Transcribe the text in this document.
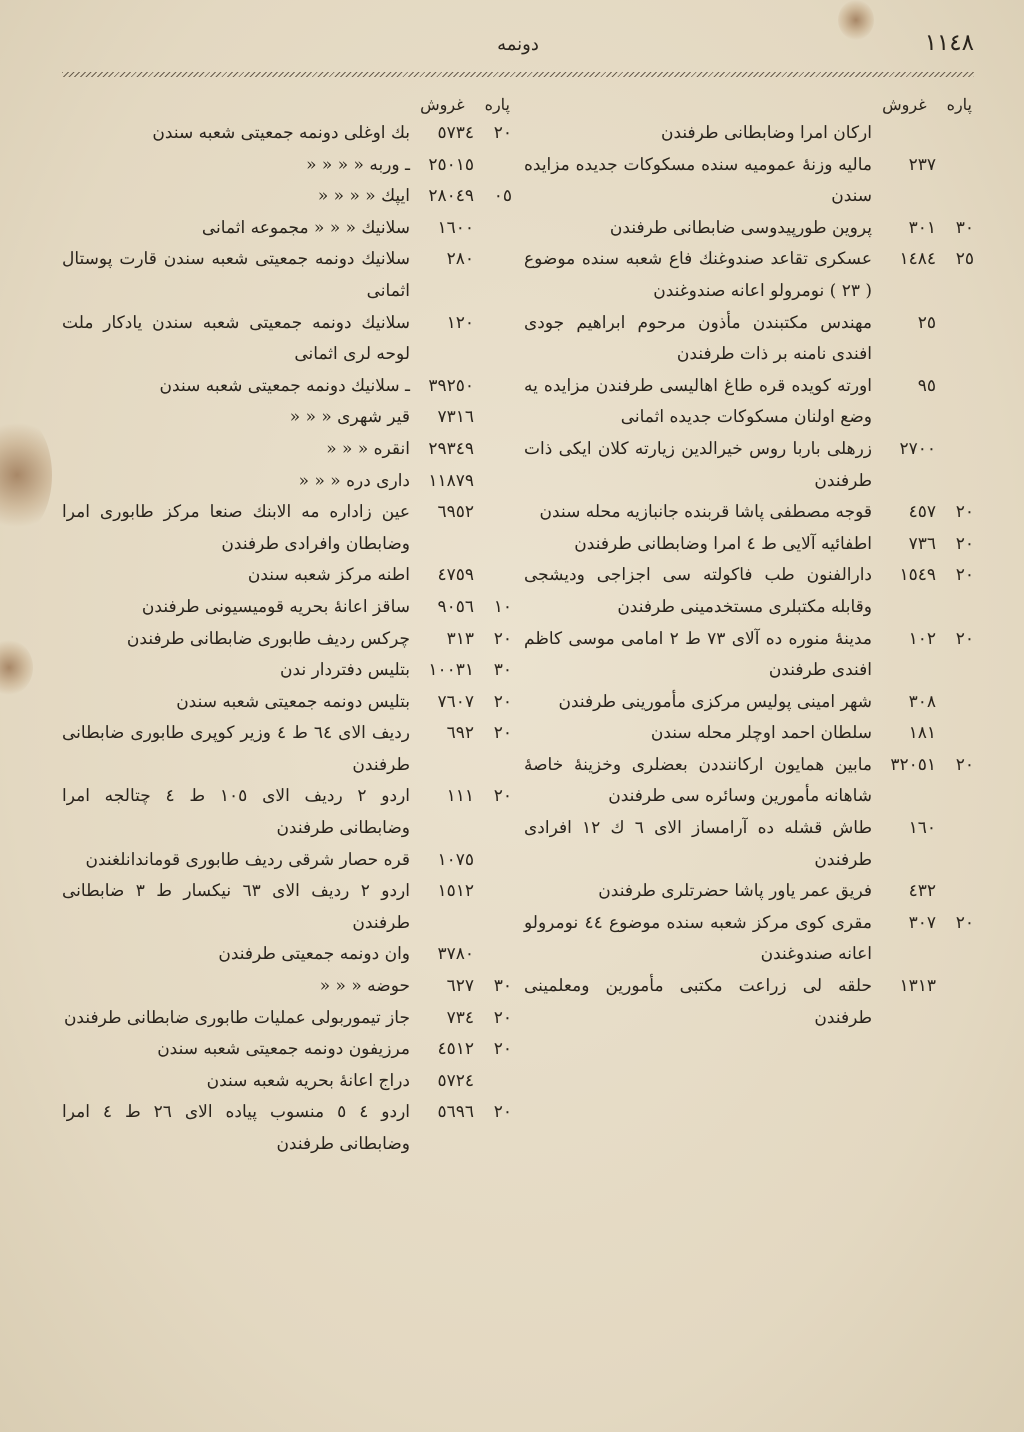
١١٤٨
دونمه
پاره
غروش
اركان امرا وضابطانى طرفندن
٢٣٧
ماليه وزنهٔ عموميه سنده مسكوكات جديده مزايده سندن
٣٠
٣٠١
پروين طورپيدوسى ضابطانى طرفندن
٢٥
١٤٨٤
عسكرى تقاعد صندوغنك فاع شعبه سنده موضوع ( ٢٣ ) نومرولو اعانه صندوغندن
٢٥
مهندس مكتبندن مأذون مرحوم ابراهيم جودى افندى نامنه بر ذات طرفندن
٩٥
اورته كويده قره طاغ اهاليسى طرفندن مزايده يه وضع اولنان مسكوكات جديده اثمانى
٢٧٠٠
زرهلى باربا روس خيرالدين زيارته كلان ايكى ذات طرفندن
٢٠
٤٥٧
قوجه مصطفى پاشا قربنده جانبازيه محله سندن
٢٠
٧٣٦
اطفائيه آلايى ط ٤ امرا وضابطانى طرفندن
٢٠
١٥٤٩
دارالفنون طب فاكولته سى اجزاجى وديشجى وقابله مكتبلرى مستخدمينى طرفندن
٢٠
١٠٢
مدينهٔ منوره ده آلاى ٧٣ ط ٢ امامى موسى كاظم افندى طرفندن
٣٠٨
شهر امينى پوليس مركزى مأمورينى طرفندن
١٨١
سلطان احمد اوچلر محله سندن
٢٠
٣٢٠٥١
مابين همايون اركاننددن بعضلرى وخزينهٔ خاصهٔ شاهانه مأمورين وسائره سى طرفندن
١٦٠
طاش قشله ده آرامساز الاى ٦ ك ١٢ افرادى طرفندن
٤٣٢
فريق عمر ياور پاشا حضرتلرى طرفندن
٢٠
٣٠٧
مقرى كوى مركز شعبه سنده موضوع ٤٤ نومرولو اعانه صندوغندن
١٣١٣
حلقه لى زراعت مكتبى مأمورين ومعلمينى طرفندن
پاره
غروش
٢٠
٥٧٣٤
بك اوغلى دونمه جمعيتى شعبه سندن
٢٥٠١٥
ـ وربه « « « «
٠٥
٢٨٠٤٩
ايپك « « « «
١٦٠٠
سلانيك « « « مجموعه اثمانى
٢٨٠
سلانيك دونمه جمعيتى شعبه سندن قارت پوستال اثمانى
١٢٠
سلانيك دونمه جمعيتى شعبه سندن يادكار ملت لوحه لرى اثمانى
٣٩٢٥٠
ـ سلانيك دونمه جمعيتى شعبه سندن
٧٣١٦
قير شهرى « « «
٢٩٣٤٩
انقره « « «
١١٨٧٩
دارى دره « « «
٦٩٥٢
عين زاداره مه الابنك صنعا مركز طابورى امرا وضابطان وافرادى طرفندن
٤٧٥٩
اطنه مركز شعبه سندن
١٠
٩٠٥٦
ساقز اعانهٔ بحريه قوميسيونى طرفندن
٢٠
٣١٣
چركس رديف طابورى ضابطانى طرفندن
٣٠
١٠٠٣١
بتليس دفتردار ندن
٢٠
٧٦٠٧
بتليس دونمه جمعيتى شعبه سندن
٢٠
٦٩٢
رديف الاى ٦٤ ط ٤ وزير كوپرى طابورى ضابطانى طرفندن
٢٠
١١١
اردو ٢ رديف الاى ١٠٥ ط ٤ چتالجه امرا وضابطانى طرفندن
١٠٧٥
قره حصار شرقى رديف طابورى قوماندانلغندن
١٥١٢
اردو ٢ رديف الاى ٦٣ نيكسار ط ٣ ضابطانى طرفندن
٣٧٨٠
وان دونمه جمعيتى طرفندن
٣٠
٦٢٧
حوضه « « «
٢٠
٧٣٤
جاز تيموربولى عمليات طابورى ضابطانى طرفندن
٢٠
٤٥١٢
مرزيفون دونمه جمعيتى شعبه سندن
٥٧٢٤
دراج اعانهٔ بحريه شعبه سندن
٢٠
٥٦٩٦
اردو ٤ ٥ منسوب پياده الاى ٢٦ ط ٤ امرا وضابطانى طرفندن
